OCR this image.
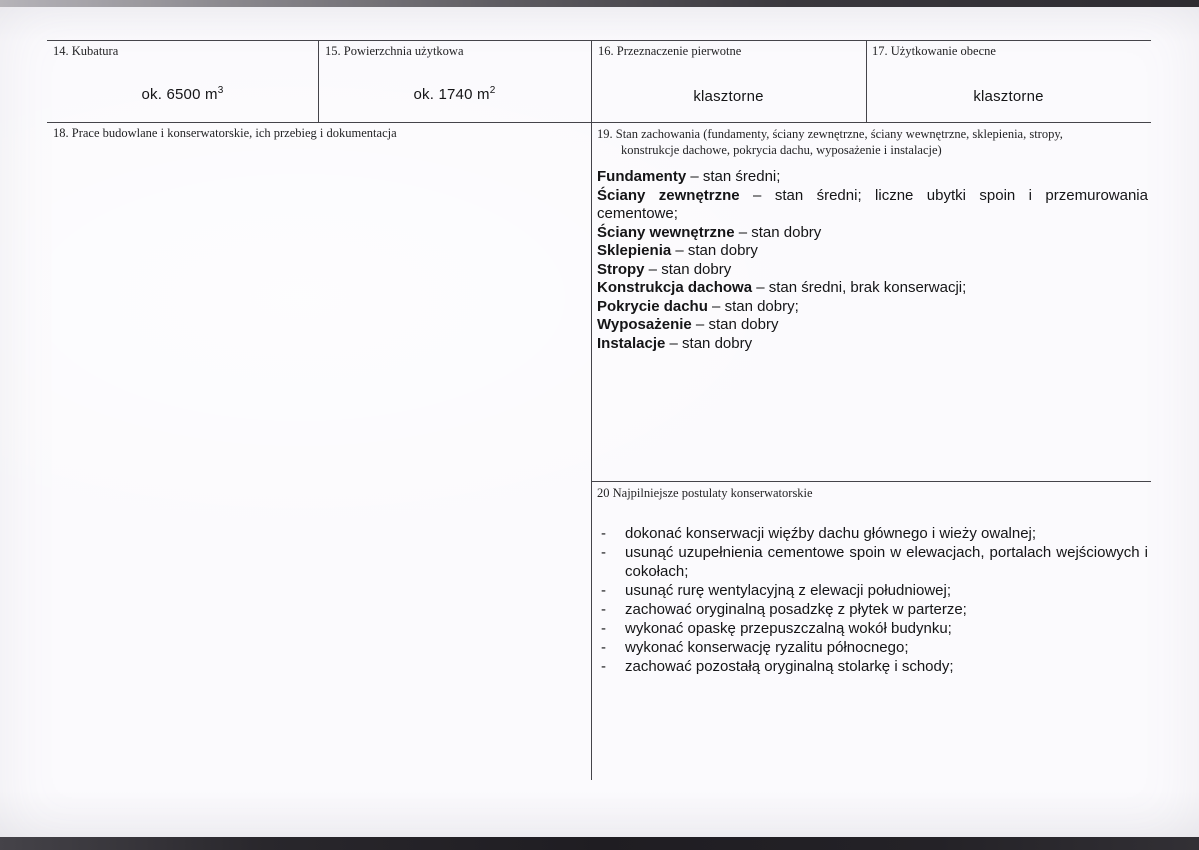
14. Kubatura
ok. 6500 $m^3$
15. Powierzchnia użytkowa
ok. 1740 $m^2$
16. Przeznaczenie pierwotne
klasztorne
17. Użytkowanie obecne
klasztorne
18. Prace budowlane i konserwatorskie, ich przebieg i dokumentacja	19. Stan zachowania (fundamenty, ściany zewnętrzne, ściany wewnętrzne, sklepienia, stropy,
konstrukcje dachowe, pokrycia dachu, wyposażenie i instalacje)
Fundamenty – stan średni;
Ściany zewnętrzne – stan średni; liczne ubytki spoin i przemurowania cementowe;
Ściany wewnętrzne – stan dobry
Sklepienia – stan dobry
Stropy – stan dobry
Konstrukcja dachowa – stan średni, brak konserwacji;
Pokrycie dachu – stan dobry;
Wyposażenie – stan dobry
Instalacje – stan dobry
20 Najpilniejsze postulaty konserwatorskie
- dokonać konserwacji więźby dachu głównego i wieży owalnej;
- usunąć uzupełnienia cementowe spoin w elewacjach, portalach wejściowych i cokołach;
- usunąć rurę wentylacyjną z elewacji południowej;
- zachować oryginalną posadzkę z płytek w parterze;
- wykonać opaskę przepuszczalną wokół budynku;
- wykonać konserwację ryzalitu północnego;
- zachować pozostałą oryginalną stolarkę i schody;
